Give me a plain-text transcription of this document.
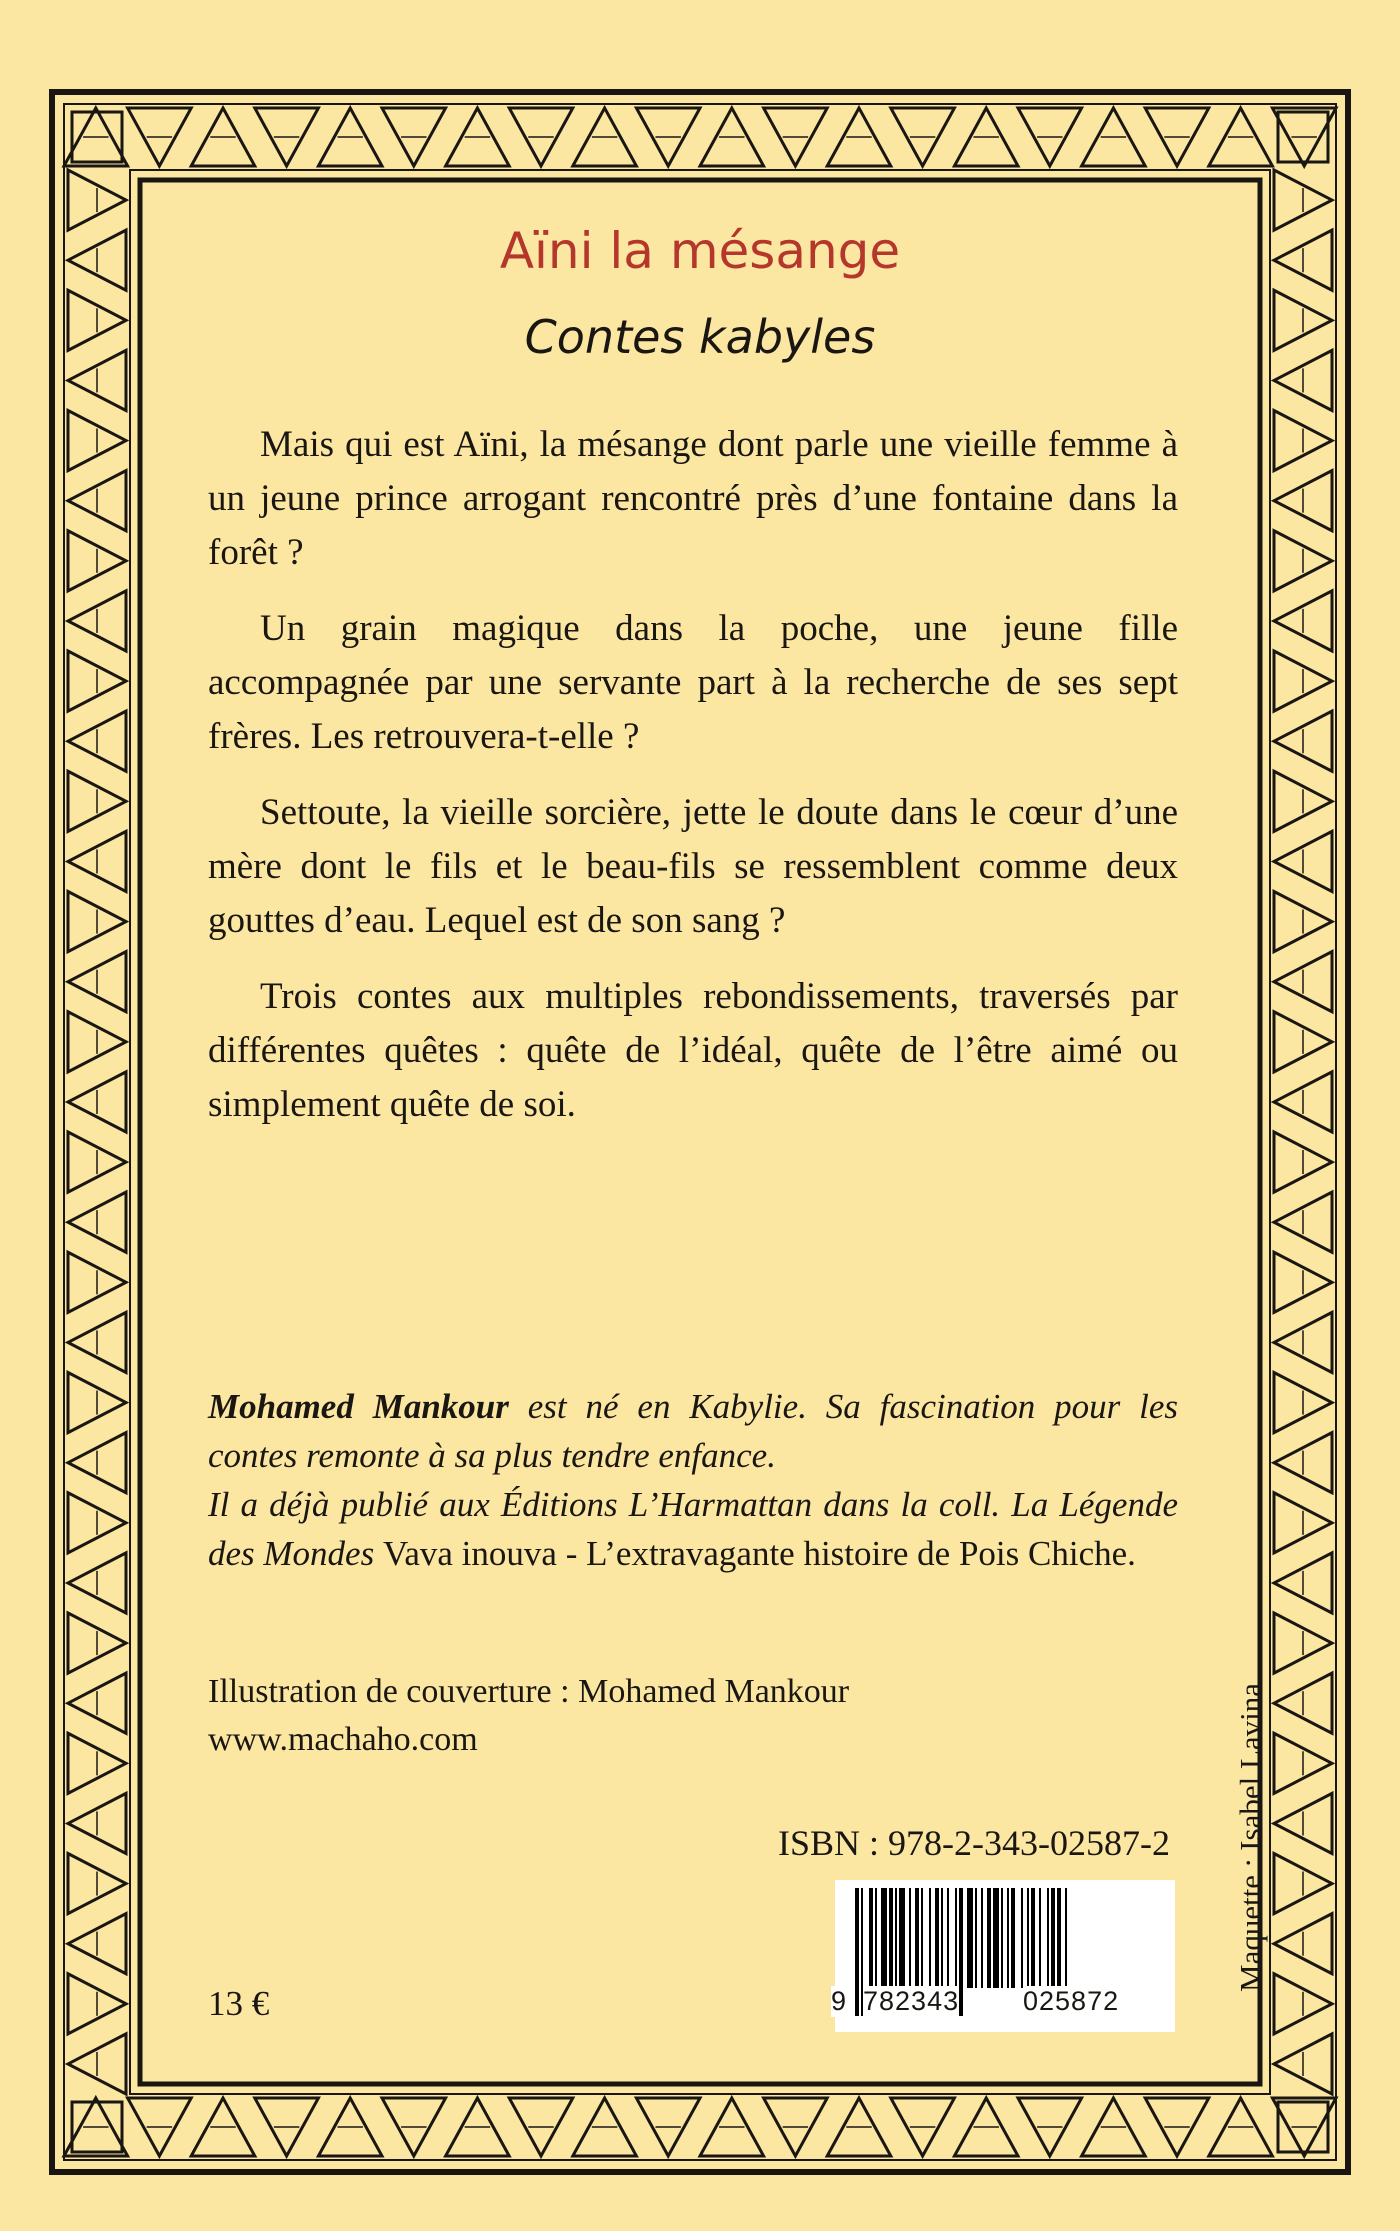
Aïni la mésange
Contes kabyles

Mais qui est Aïni, la mésange dont parle une vieille femme à un jeune prince arrogant rencontré près d’une fontaine dans la forêt ?

Un grain magique dans la poche, une jeune fille accompagnée par une servante part à la recherche de ses sept frères. Les retrouvera-t-elle ?

Settoute, la vieille sorcière, jette le doute dans le cœur d’une mère dont le fils et le beau-fils se ressemblent comme deux gouttes d’eau. Lequel est de son sang ?

Trois contes aux multiples rebondissements, traversés par différentes quêtes : quête de l’idéal, quête de l’être aimé ou simplement quête de soi.

Mohamed Mankour est né en Kabylie. Sa fascination pour les contes remonte à sa plus tendre enfance.

Il a déjà publié aux Éditions L’Harmattan dans la coll. La Légende des Mondes Vava inouva - L’extravagante histoire de Pois Chiche.

Illustration de couverture : Mohamed Mankour
www.machaho.com
ISBN : 978-2-343-02587-2
9 782343 025872
13 €
Maquette : Isabel Lavina
